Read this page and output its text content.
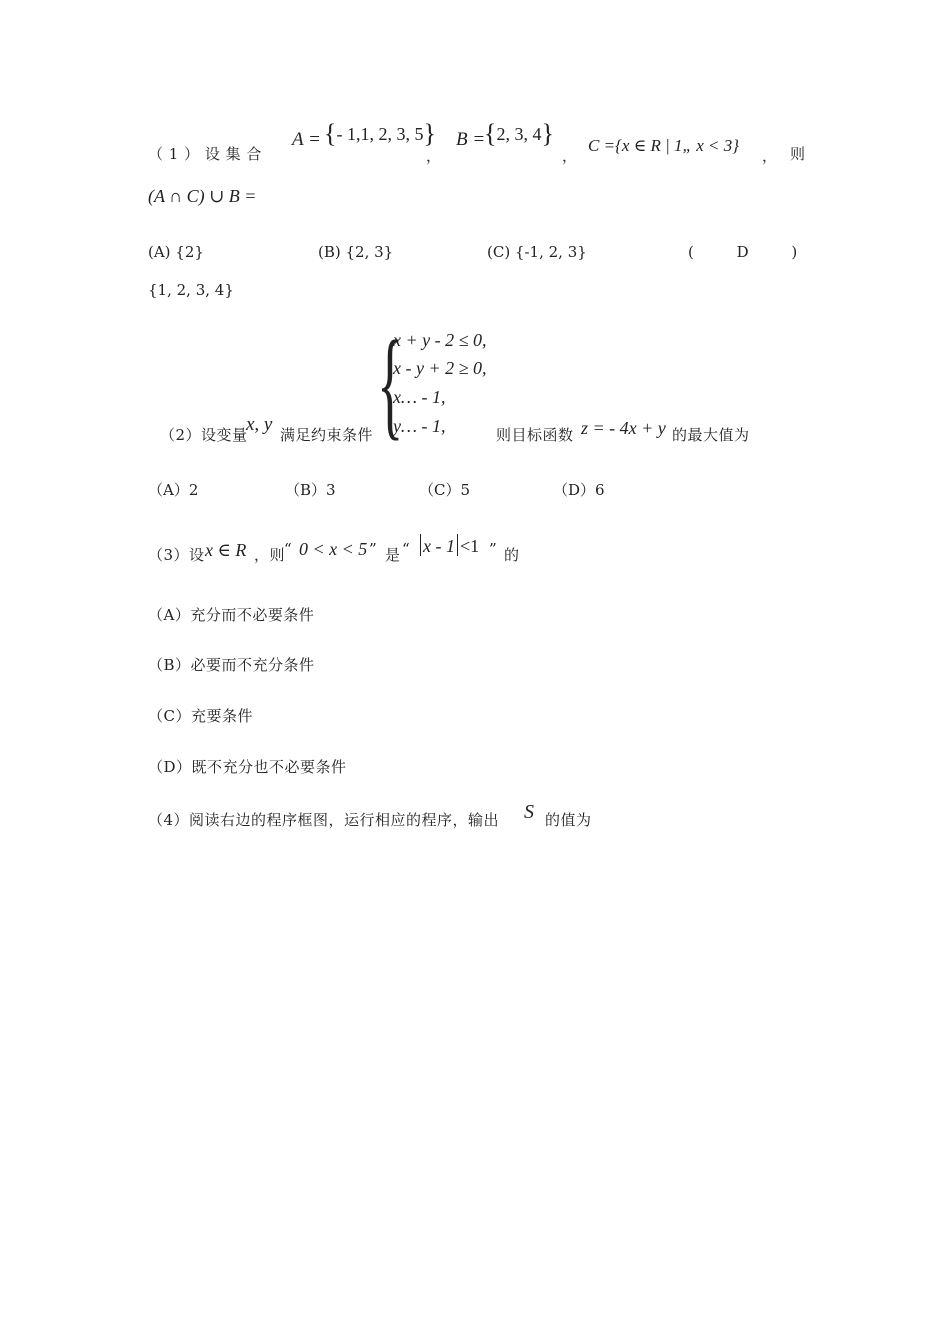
（ 1 ） 设 集 合
A = {- 1,1, 2, 3, 5}
，
B =
{2, 3, 4}
，
C ={x ∈ R | 1„ x < 3}
， 则
(A ∩ C) ∪ B =
(A) {2}	(B) {2, 3}	(C) {-1, 2, 3}	( D )
{1, 2, 3, 4}
{
x + y - 2 ≤ 0,
x - y + 2 ≥ 0,
x… - 1,
y… - 1,
（2）设变量
x, y 满足约束条件	则目标函数 z = - 4x + y 的最大值为
（A）2	（B）3	（C）5	（D）6
（3）设 x ∈ R ，则
“ 0 < x < 5 ” 是 “ x - 1 <1 ” 的
（A）充分而不必要条件
（B）必要而不充分条件
（C）充要条件
（D）既不充分也不必要条件
（4）阅读右边的程序框图，运行相应的程序，输出 S 的值为
